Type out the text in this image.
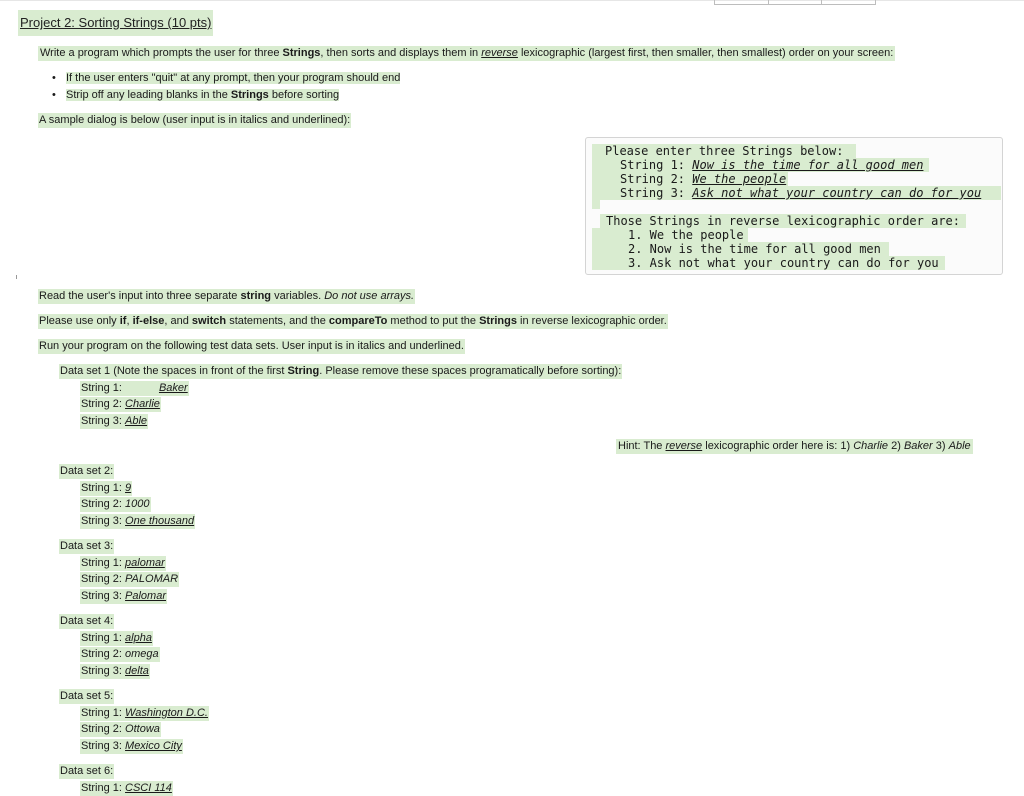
Project 2: Sorting Strings (10 pts)
Write a program which prompts the user for three Strings, then sorts and displays them in reverse lexicographic (largest first, then smaller, then smallest) order on your screen:
• If the user enters "quit" at any prompt, then your program should end
• Strip off any leading blanks in the Strings before sorting
A sample dialog is below (user input is in italics and underlined):
Please enter three Strings below:
String 1: Now is the time for all good men
String 2: We the people
String 3: Ask not what your country can do for you
Those Strings in reverse lexicographic order are:
1. We the people
2. Now is the time for all good men
3. Ask not what your country can do for you
Read the user's input into three separate string variables. Do not use arrays.
Please use only if, if-else, and switch statements, and the compareTo method to put the Strings in reverse lexicographic order.
Run your program on the following test data sets. User input is in italics and underlined.
Data set 1 (Note the spaces in front of the first String. Please remove these spaces programatically before sorting):
String 1:	Baker
String 2: Charlie
String 3: Able
Hint: The reverse lexicographic order here is: 1) Charlie 2) Baker 3) Able
Data set 2:
String 1: 9
String 2: 1000
String 3: One thousand
Data set 3:
String 1: palomar
String 2: PALOMAR
String 3: Palomar
Data set 4:
String 1: alpha
String 2: omega
String 3: delta
Data set 5:
String 1: Washington D.C.
String 2: Ottowa
String 3: Mexico City
Data set 6:
String 1: CSCI 114
